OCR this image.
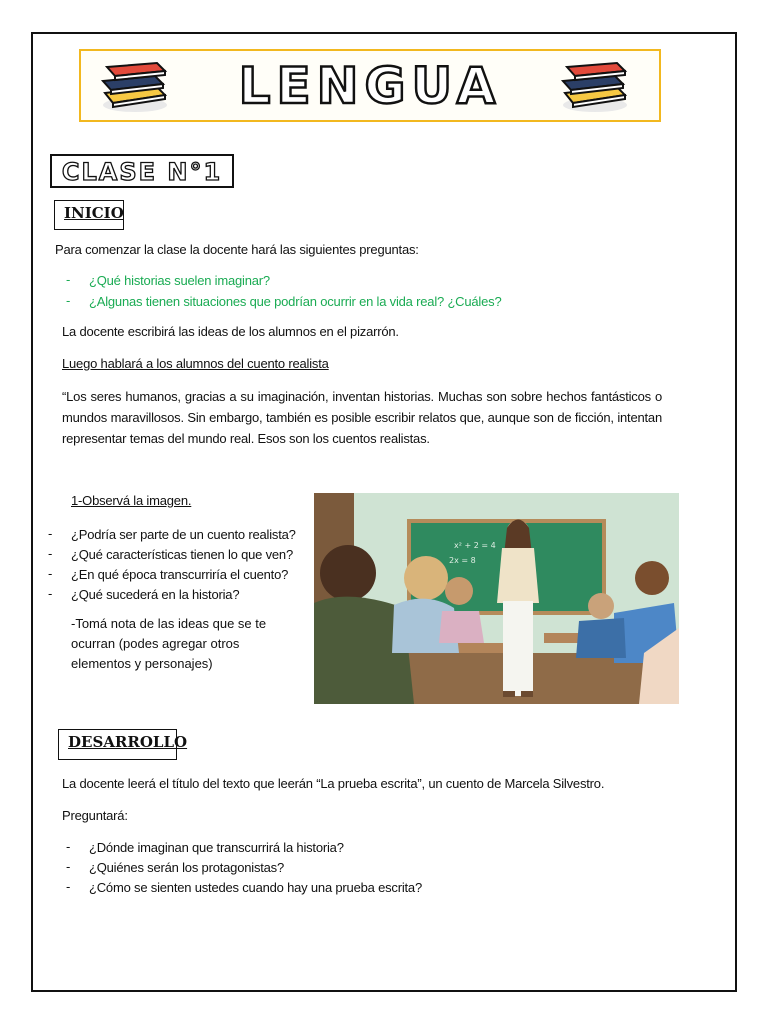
LENGUA
CLASE N°1
INICIO
Para comenzar la clase la docente hará las siguientes preguntas:
- ¿Qué historias suelen imaginar?
- ¿Algunas tienen situaciones que podrían ocurrir en la vida real? ¿Cuáles?
La docente escribirá las ideas de los alumnos en el pizarrón.
Luego hablará a los alumnos del cuento realista
“Los seres humanos, gracias a su imaginación, inventan historias. Muchas son sobre hechos fantásticos o mundos maravillosos. Sin embargo, también es posible escribir relatos que, aunque son de ficción, intentan representar temas del mundo real. Esos son los cuentos realistas.
1-Observá la imagen.
- ¿Podría ser parte de un cuento realista?
- ¿Qué características tienen lo que ven?
- ¿En qué época transcurriría el cuento?
- ¿Qué sucederá en la historia?
-Tomá nota de las ideas que se te ocurran (podes agregar otros elementos y personajes)
x² + 2 = 4
2x = 8
DESARROLLO
La docente leerá el título del texto que leerán “La prueba escrita”, un cuento de Marcela Silvestro.
Preguntará:
- ¿Dónde imaginan que transcurrirá la historia?
- ¿Quiénes serán los protagonistas?
- ¿Cómo se sienten ustedes cuando hay una prueba escrita?
